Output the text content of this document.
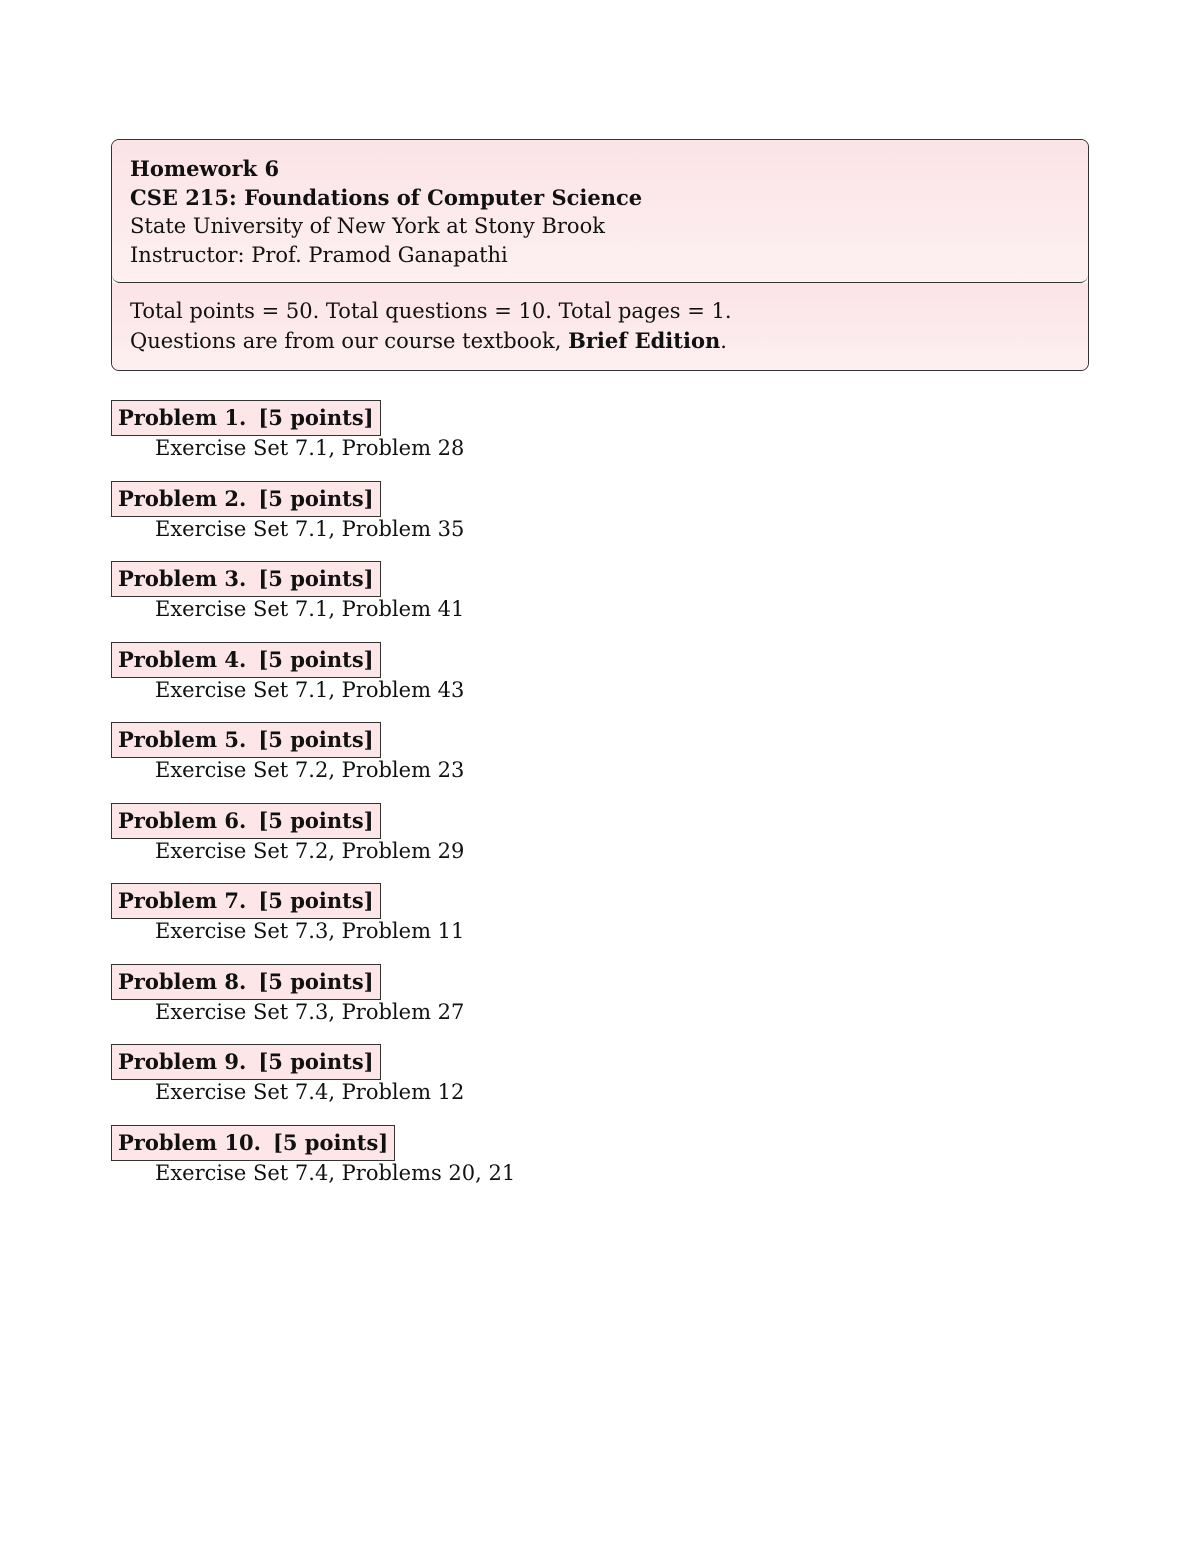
Homework 6
CSE 215: Foundations of Computer Science
State University of New York at Stony Brook
Instructor: Prof. Pramod Ganapathi
Total points = 50. Total questions = 10. Total pages = 1.
Questions are from our course textbook, Brief Edition.
Problem 1. [5 points]
Exercise Set 7.1, Problem 28
Problem 2. [5 points]
Exercise Set 7.1, Problem 35
Problem 3. [5 points]
Exercise Set 7.1, Problem 41
Problem 4. [5 points]
Exercise Set 7.1, Problem 43
Problem 5. [5 points]
Exercise Set 7.2, Problem 23
Problem 6. [5 points]
Exercise Set 7.2, Problem 29
Problem 7. [5 points]
Exercise Set 7.3, Problem 11
Problem 8. [5 points]
Exercise Set 7.3, Problem 27
Problem 9. [5 points]
Exercise Set 7.4, Problem 12
Problem 10. [5 points]
Exercise Set 7.4, Problems 20, 21
